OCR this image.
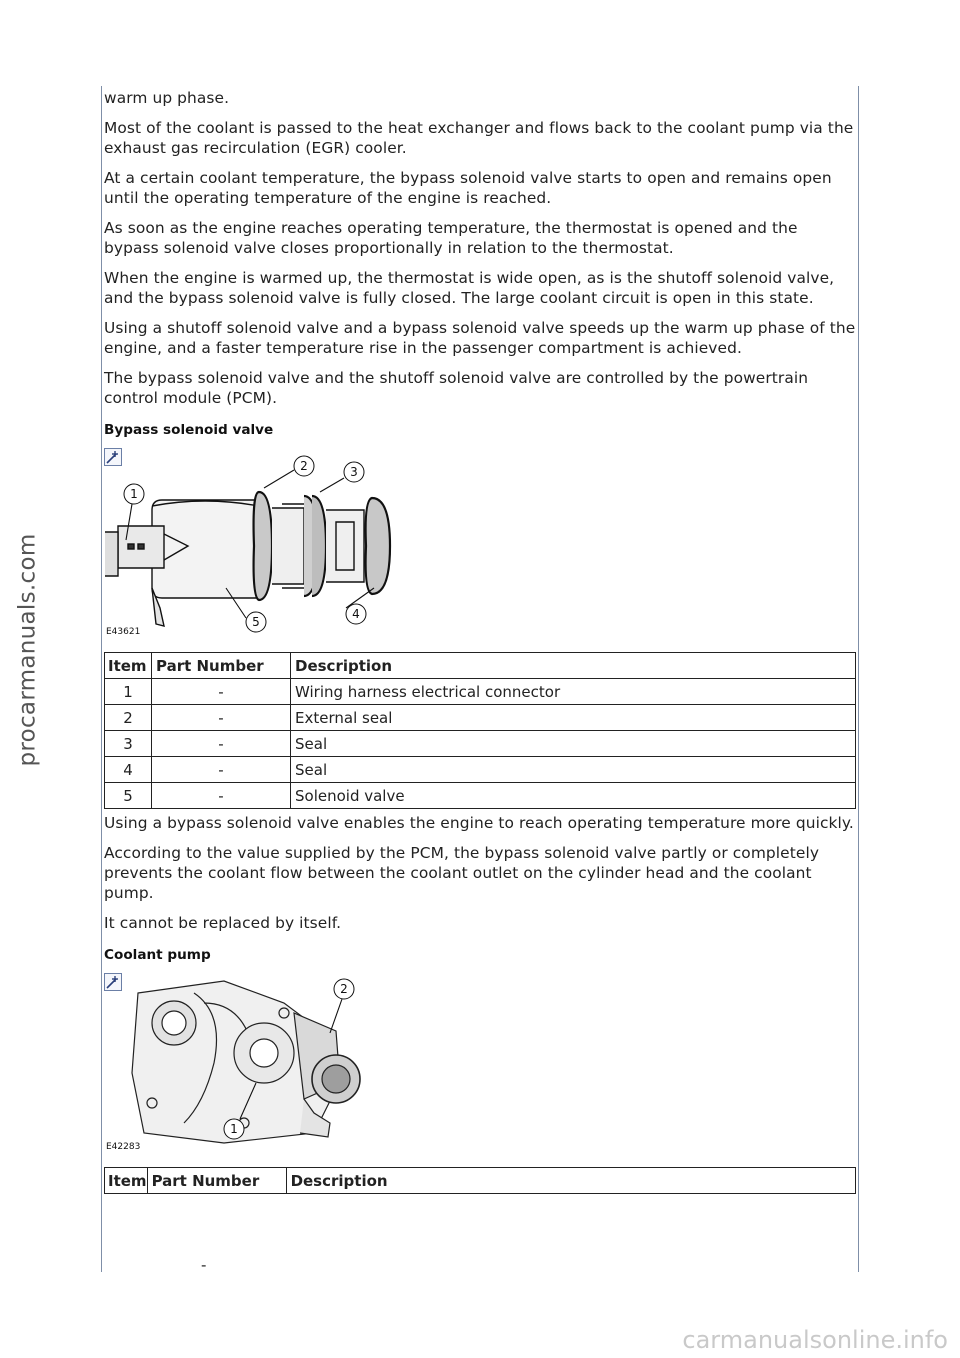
procarmanuals.com

warm up phase.

Most of the coolant is passed to the heat exchanger and flows back to the coolant pump via the exhaust gas recirculation (EGR) cooler.

At a certain coolant temperature, the bypass solenoid valve starts to open and remains open until the operating temperature of the engine is reached.

As soon as the engine reaches operating temperature, the thermostat is opened and the bypass solenoid valve closes proportionally in relation to the thermostat.

When the engine is warmed up, the thermostat is wide open, as is the shutoff solenoid valve, and the bypass solenoid valve is fully closed. The large coolant circuit is open in this state.

Using a shutoff solenoid valve and a bypass solenoid valve speeds up the warm up phase of the engine, and a faster temperature rise in the passenger compartment is achieved.

The bypass solenoid valve and the shutoff solenoid valve are controlled by the powertrain control module (PCM).

Bypass solenoid valve
1
2	3
4
5
E43621
Item	Part Number	Description
1	-	Wiring harness electrical connector
2	-	External seal
3	-	Seal
4	-	Seal
5	-	Solenoid valve

Using a bypass solenoid valve enables the engine to reach operating temperature more quickly.

According to the value supplied by the PCM, the bypass solenoid valve partly or completely prevents the coolant flow between the coolant outlet on the cylinder head and the coolant pump.

It cannot be replaced by itself.

Coolant pump
1
2
E42283
Item	Part Number	Description
-
carmanualsonline.info
